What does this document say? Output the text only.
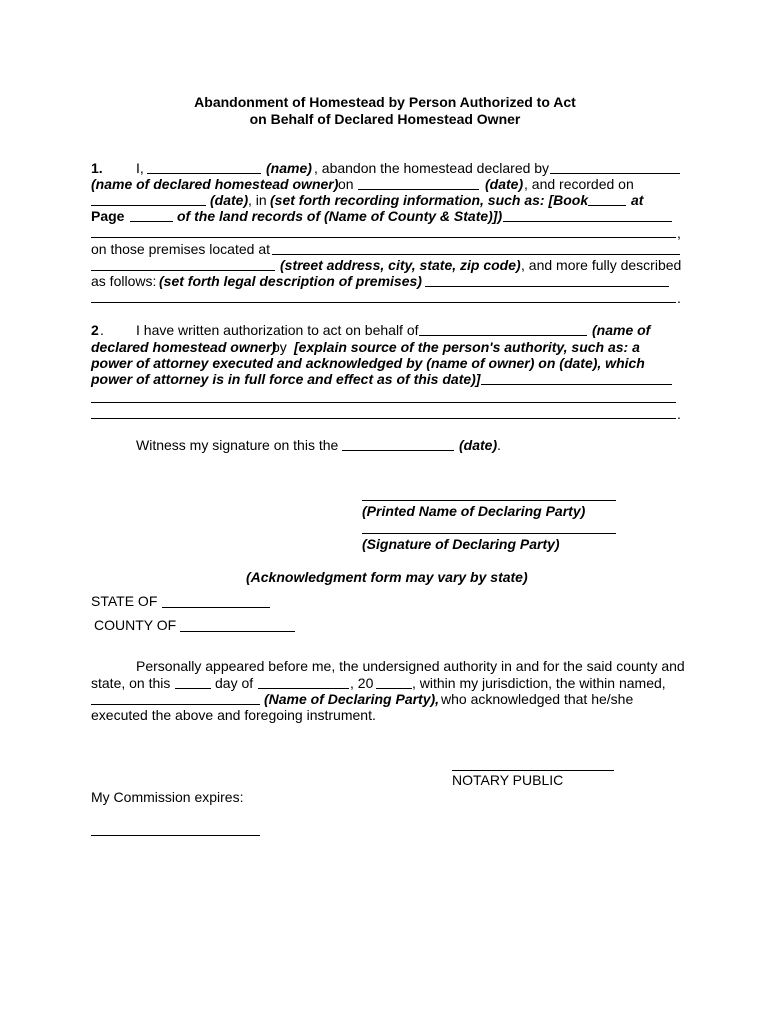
Abandonment of Homestead by Person Authorized to Act
on Behalf of Declared Homestead Owner
1. I,	(name) , abandon the homestead declared by
(name of declared homestead owner) on	(date) , and recorded on
(date) , in (set forth recording information, such as: [Book	at
Page	of the land records of (Name of County & State)])
,
on those premises located at
(street address, city, state, zip code) , and more fully described
as follows: (set forth legal description of premises)
.
2 . I have written authorization to act on behalf of	(name of
declared homestead owner)
by [explain source of the person's authority, such as: a
power of attorney executed and acknowledged by (name of owner) on (date), which
power of attorney is in full force and effect as of this date)]
.
Witness my signature on this the	(date) .
(Printed Name of Declaring Party)
(Signature of Declaring Party)
(Acknowledgment form may vary by state)
STATE OF
COUNTY OF
Personally appeared before me, the undersigned authority in and for the said county and
state, on this	day of	, 20	, within my jurisdiction, the within named,
(Name of Declaring Party), who acknowledged that he/she
executed the above and foregoing instrument.
NOTARY PUBLIC
My Commission expires:
